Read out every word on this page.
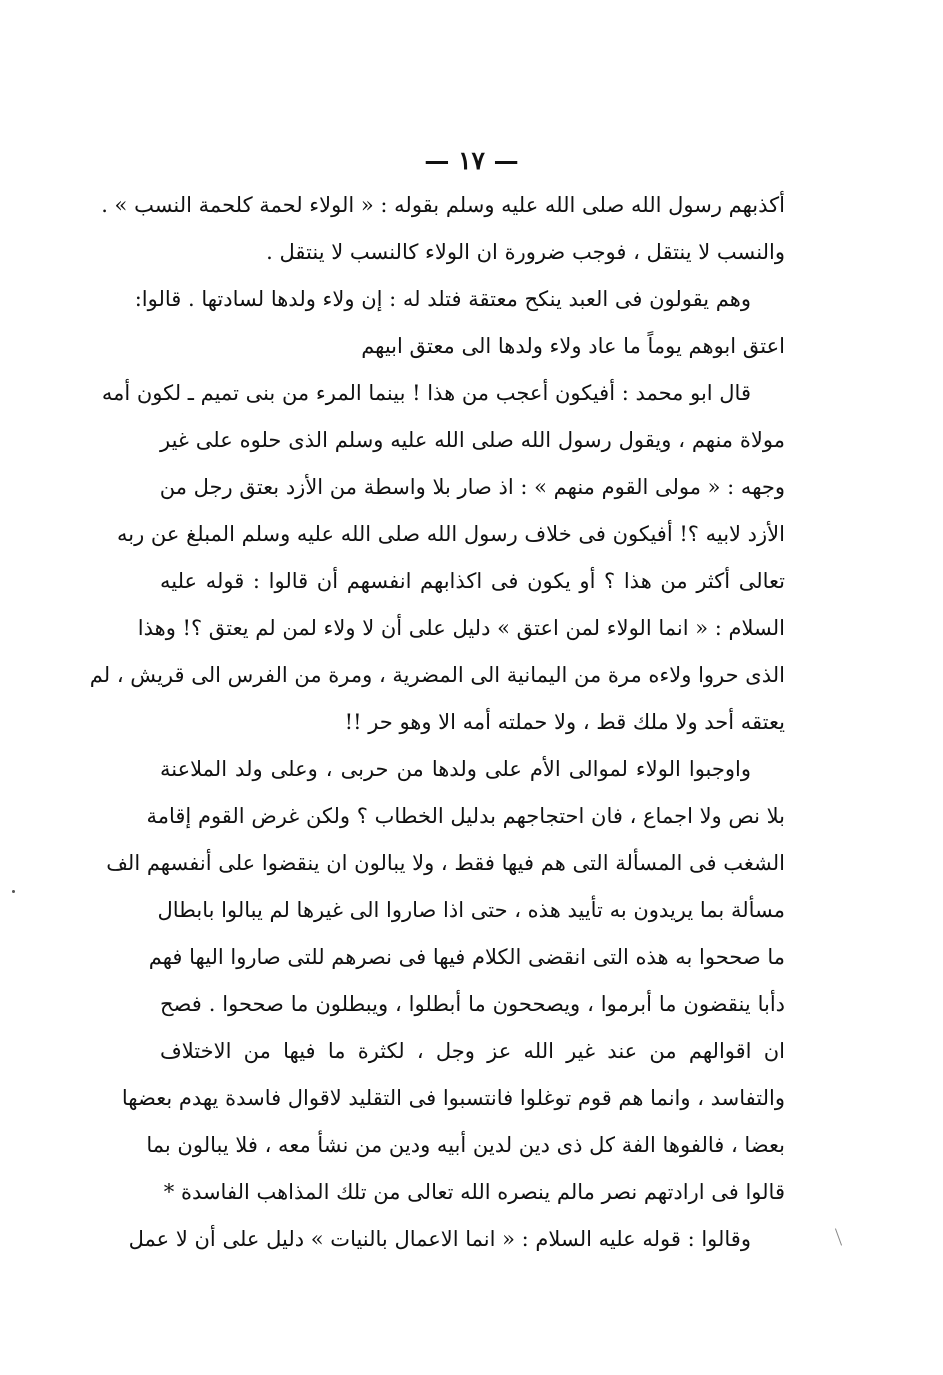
— ١٧ —
أكذبهم رسول الله صلى الله عليه وسلم بقوله : « الولاء لحمة كلحمة النسب » .
والنسب لا ينتقل ، فوجب ضرورة ان الولاء كالنسب لا ينتقل .
وهم يقولون فى العبد ينكح معتقة فتلد له : إن ولاء ولدها لسادتها . قالوا:
اعتق ابوهم يوماً ما عاد ولاء ولدها الى معتق ابيهم
قال ابو محمد : أفيكون أعجب من هذا ! بينما المرء من بنى تميم ـ لكون أمه
مولاة منهم ، ويقول رسول الله صلى الله عليه وسلم الذى حلوه على غير
وجهه : « مولى القوم منهم » : اذ صار بلا واسطة من الأزد بعتق رجل من
الأزد لابيه ؟! أفيكون فى خلاف رسول الله صلى الله عليه وسلم المبلغ عن ربه
تعالى أكثر من هذا ؟ أو يكون فى اكذابهم انفسهم أن قالوا : قوله عليه
السلام : « انما الولاء لمن اعتق » دليل على أن لا ولاء لمن لم يعتق ؟! وهذا
الذى حروا ولاءه مرة من اليمانية الى المضرية ، ومرة من الفرس الى قريش ، لم
يعتقه أحد ولا ملك قط ، ولا حملته أمه الا وهو حر !!
واوجبوا الولاء لموالى الأم على ولدها من حربى ، وعلى ولد الملاعنة
بلا نص ولا اجماع ، فان احتجاجهم بدليل الخطاب ؟ ولكن غرض القوم إقامة
الشغب فى المسألة التى هم فيها فقط ، ولا يبالون ان ينقضوا على أنفسهم الف
مسألة بما يريدون به تأييد هذه ، حتى اذا صاروا الى غيرها لم يبالوا بابطال
ما صححوا به هذه التى انقضى الكلام فيها فى نصرهم للتى صاروا اليها فهم
دأبا ينقضون ما أبرموا ، ويصححون ما أبطلوا ، ويبطلون ما صححوا . فصح
ان اقوالهم من عند غير الله عز وجل ، لكثرة ما فيها من الاختلاف
والتفاسد ، وانما هم قوم توغلوا فانتسبوا فى التقليد لاقوال فاسدة يهدم بعضها
بعضا ، فالفوها الفة كل ذى دين لدين أبيه ودين من نشأ معه ، فلا يبالون بما
قالوا فى ارادتهم نصر مالم ينصره الله تعالى من تلك المذاهب الفاسدة *
وقالوا : قوله عليه السلام : « انما الاعمال بالنيات » دليل على أن لا عمل
